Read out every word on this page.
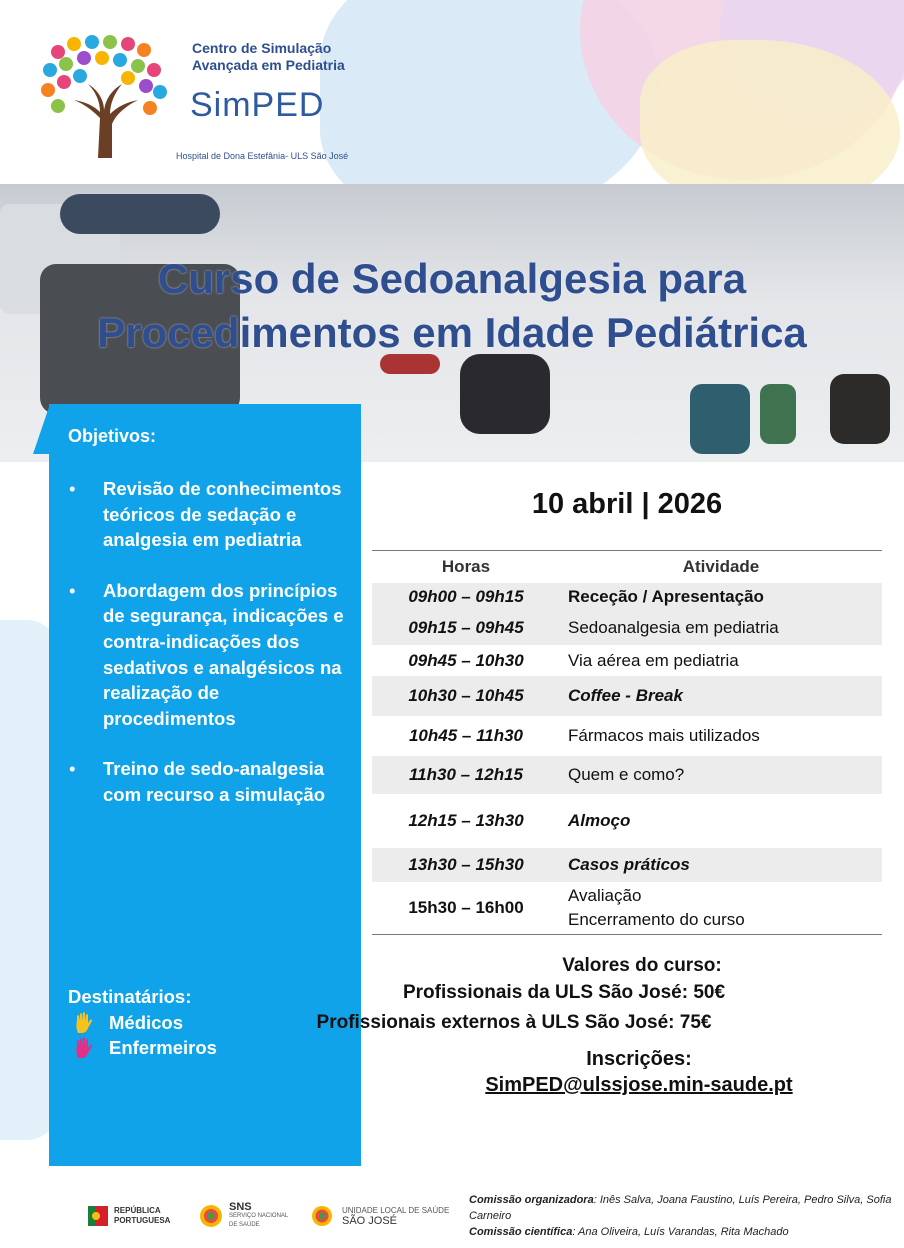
Centro de Simulação
Avançada em Pediatria
SimPED
Hospital de Dona Estefânia- ULS São José
Curso de Sedoanalgesia para
Procedimentos em Idade Pediátrica
Objetivos:
• Revisão de conhecimentos teóricos de sedação e analgesia em pediatria
• Abordagem dos princípios de segurança, indicações e contra-indicações dos sedativos e analgésicos na realização de procedimentos
• Treino de sedo-analgesia com recurso a simulação
Destinatários:
Médicos
Enfermeiros
10 abril | 2026
Horas	Atividade
09h00 – 09h15	Receção / Apresentação
09h15 – 09h45	Sedoanalgesia em pediatria
09h45 – 10h30	Via aérea em pediatria
10h30 – 10h45	Coffee - Break
10h45 – 11h30	Fármacos mais utilizados
11h30 – 12h15	Quem e como?
12h15 – 13h30	Almoço
13h30 – 15h30	Casos práticos
15h30 – 16h00	Avaliação
Encerramento do curso
Valores do curso:
Profissionais da ULS São José: 50€
Profissionais externos à ULS São José: 75€
Inscrições:
SimPED@ulssjose.min-saude.pt
REPÚBLICA
PORTUGUESA
SNS
SERVIÇO NACIONAL
DE SAÚDE
UNIDADE LOCAL DE SAÚDE
SÃO JOSÉ
Comissão organizadora: Inês Salva, Joana Faustino, Luís Pereira, Pedro Silva, Sofia Carneiro
Comissão científica: Ana Oliveira, Luís Varandas, Rita Machado
